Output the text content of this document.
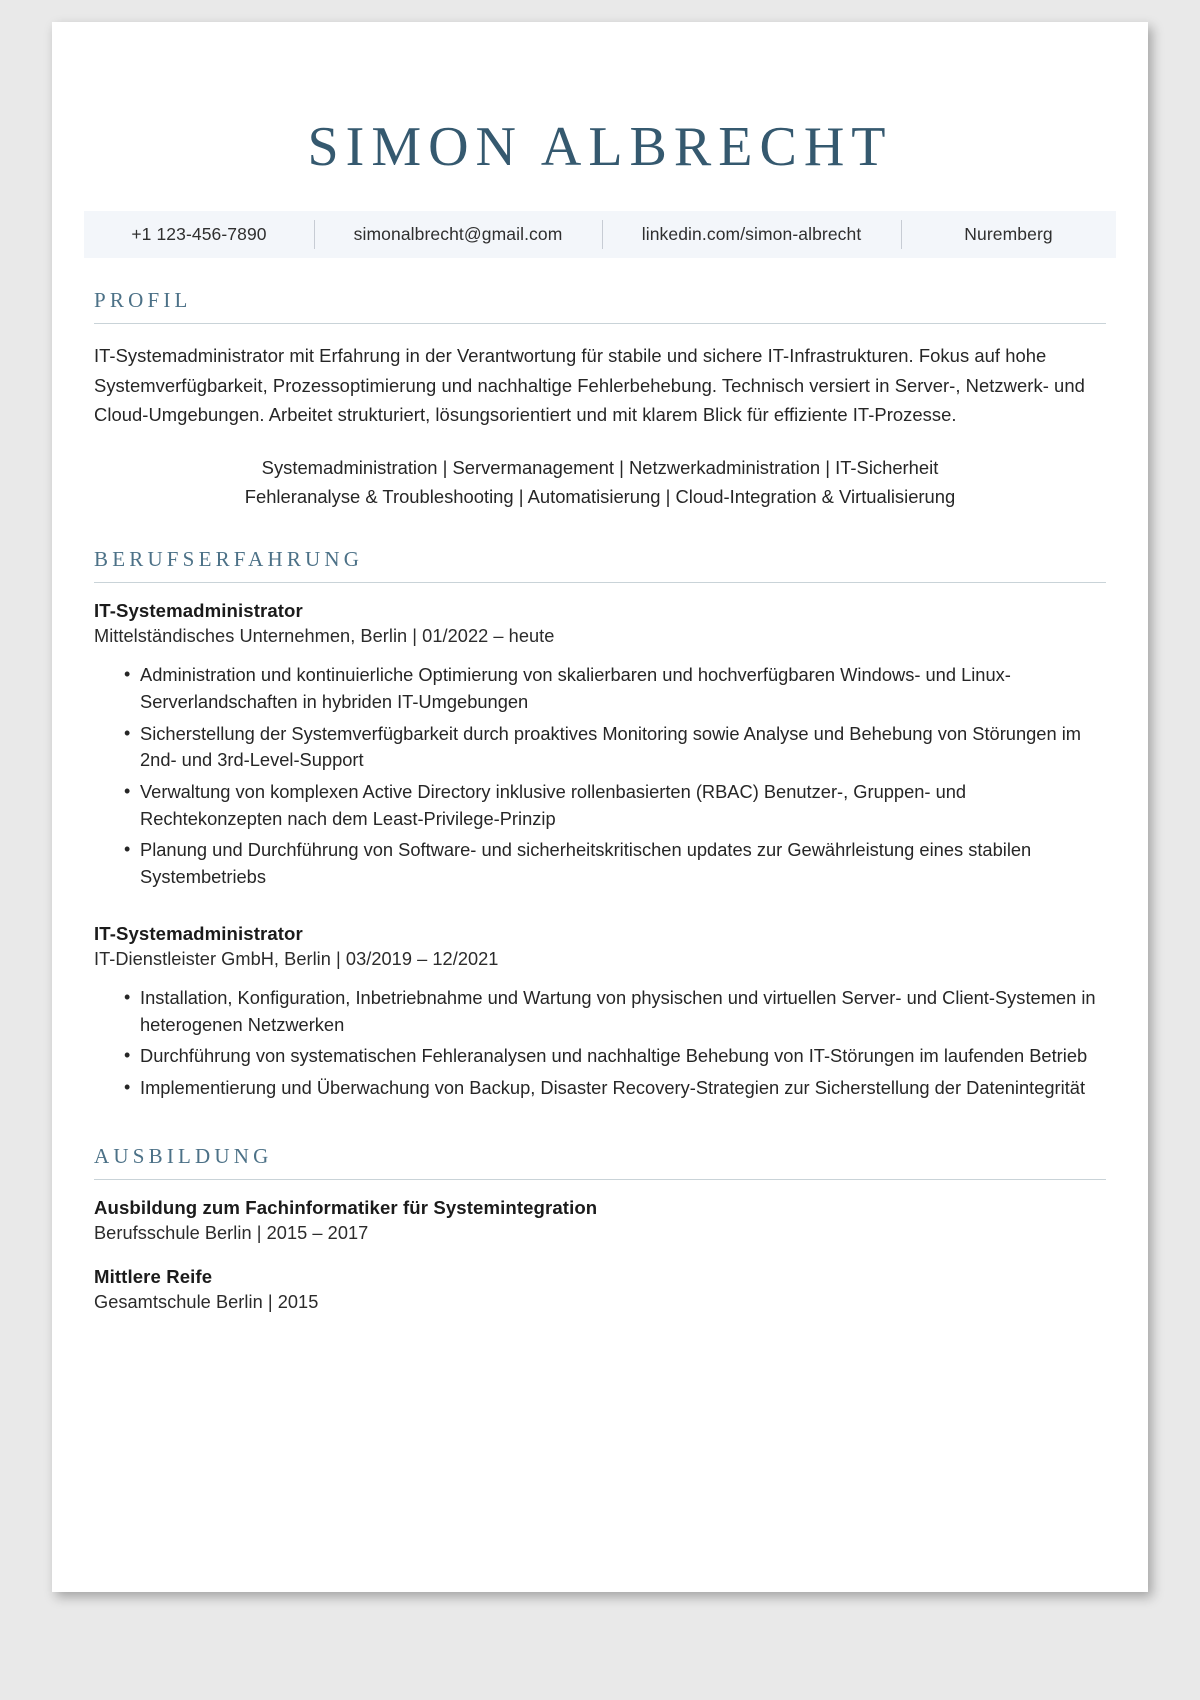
SIMON ALBRECHT
+1 123-456-7890	simonalbrecht@gmail.com	linkedin.com/simon-albrecht	Nuremberg
PROFIL

IT-Systemadministrator mit Erfahrung in der Verantwortung für stabile und sichere IT-Infrastrukturen. Fokus auf hohe Systemverfügbarkeit, Prozessoptimierung und nachhaltige Fehlerbehebung. Technisch versiert in Server-, Netzwerk- und Cloud-Umgebungen. Arbeitet strukturiert, lösungsorientiert und mit klarem Blick für effiziente IT-Prozesse.

Systemadministration | Servermanagement | Netzwerkadministration | IT-Sicherheit
Fehleranalyse & Troubleshooting | Automatisierung | Cloud-Integration & Virtualisierung
BERUFSERFAHRUNG
IT-Systemadministrator
Mittelständisches Unternehmen, Berlin | 01/2022 – heute
• Administration und kontinuierliche Optimierung von skalierbaren und hochverfügbaren Windows- und Linux-Serverlandschaften in hybriden IT-Umgebungen
• Sicherstellung der Systemverfügbarkeit durch proaktives Monitoring sowie Analyse und Behebung von Störungen im 2nd- und 3rd-Level-Support
• Verwaltung von komplexen Active Directory inklusive rollenbasierten (RBAC) Benutzer-, Gruppen- und Rechtekonzepten nach dem Least-Privilege-Prinzip
• Planung und Durchführung von Software- und sicherheitskritischen updates zur Gewährleistung eines stabilen Systembetriebs
IT-Systemadministrator
IT-Dienstleister GmbH, Berlin | 03/2019 – 12/2021
• Installation, Konfiguration, Inbetriebnahme und Wartung von physischen und virtuellen Server- und Client-Systemen in heterogenen Netzwerken
• Durchführung von systematischen Fehleranalysen und nachhaltige Behebung von IT-Störungen im laufenden Betrieb
• Implementierung und Überwachung von Backup, Disaster Recovery-Strategien zur Sicherstellung der Datenintegrität
AUSBILDUNG
Ausbildung zum Fachinformatiker für Systemintegration
Berufsschule Berlin | 2015 – 2017
Mittlere Reife
Gesamtschule Berlin | 2015
